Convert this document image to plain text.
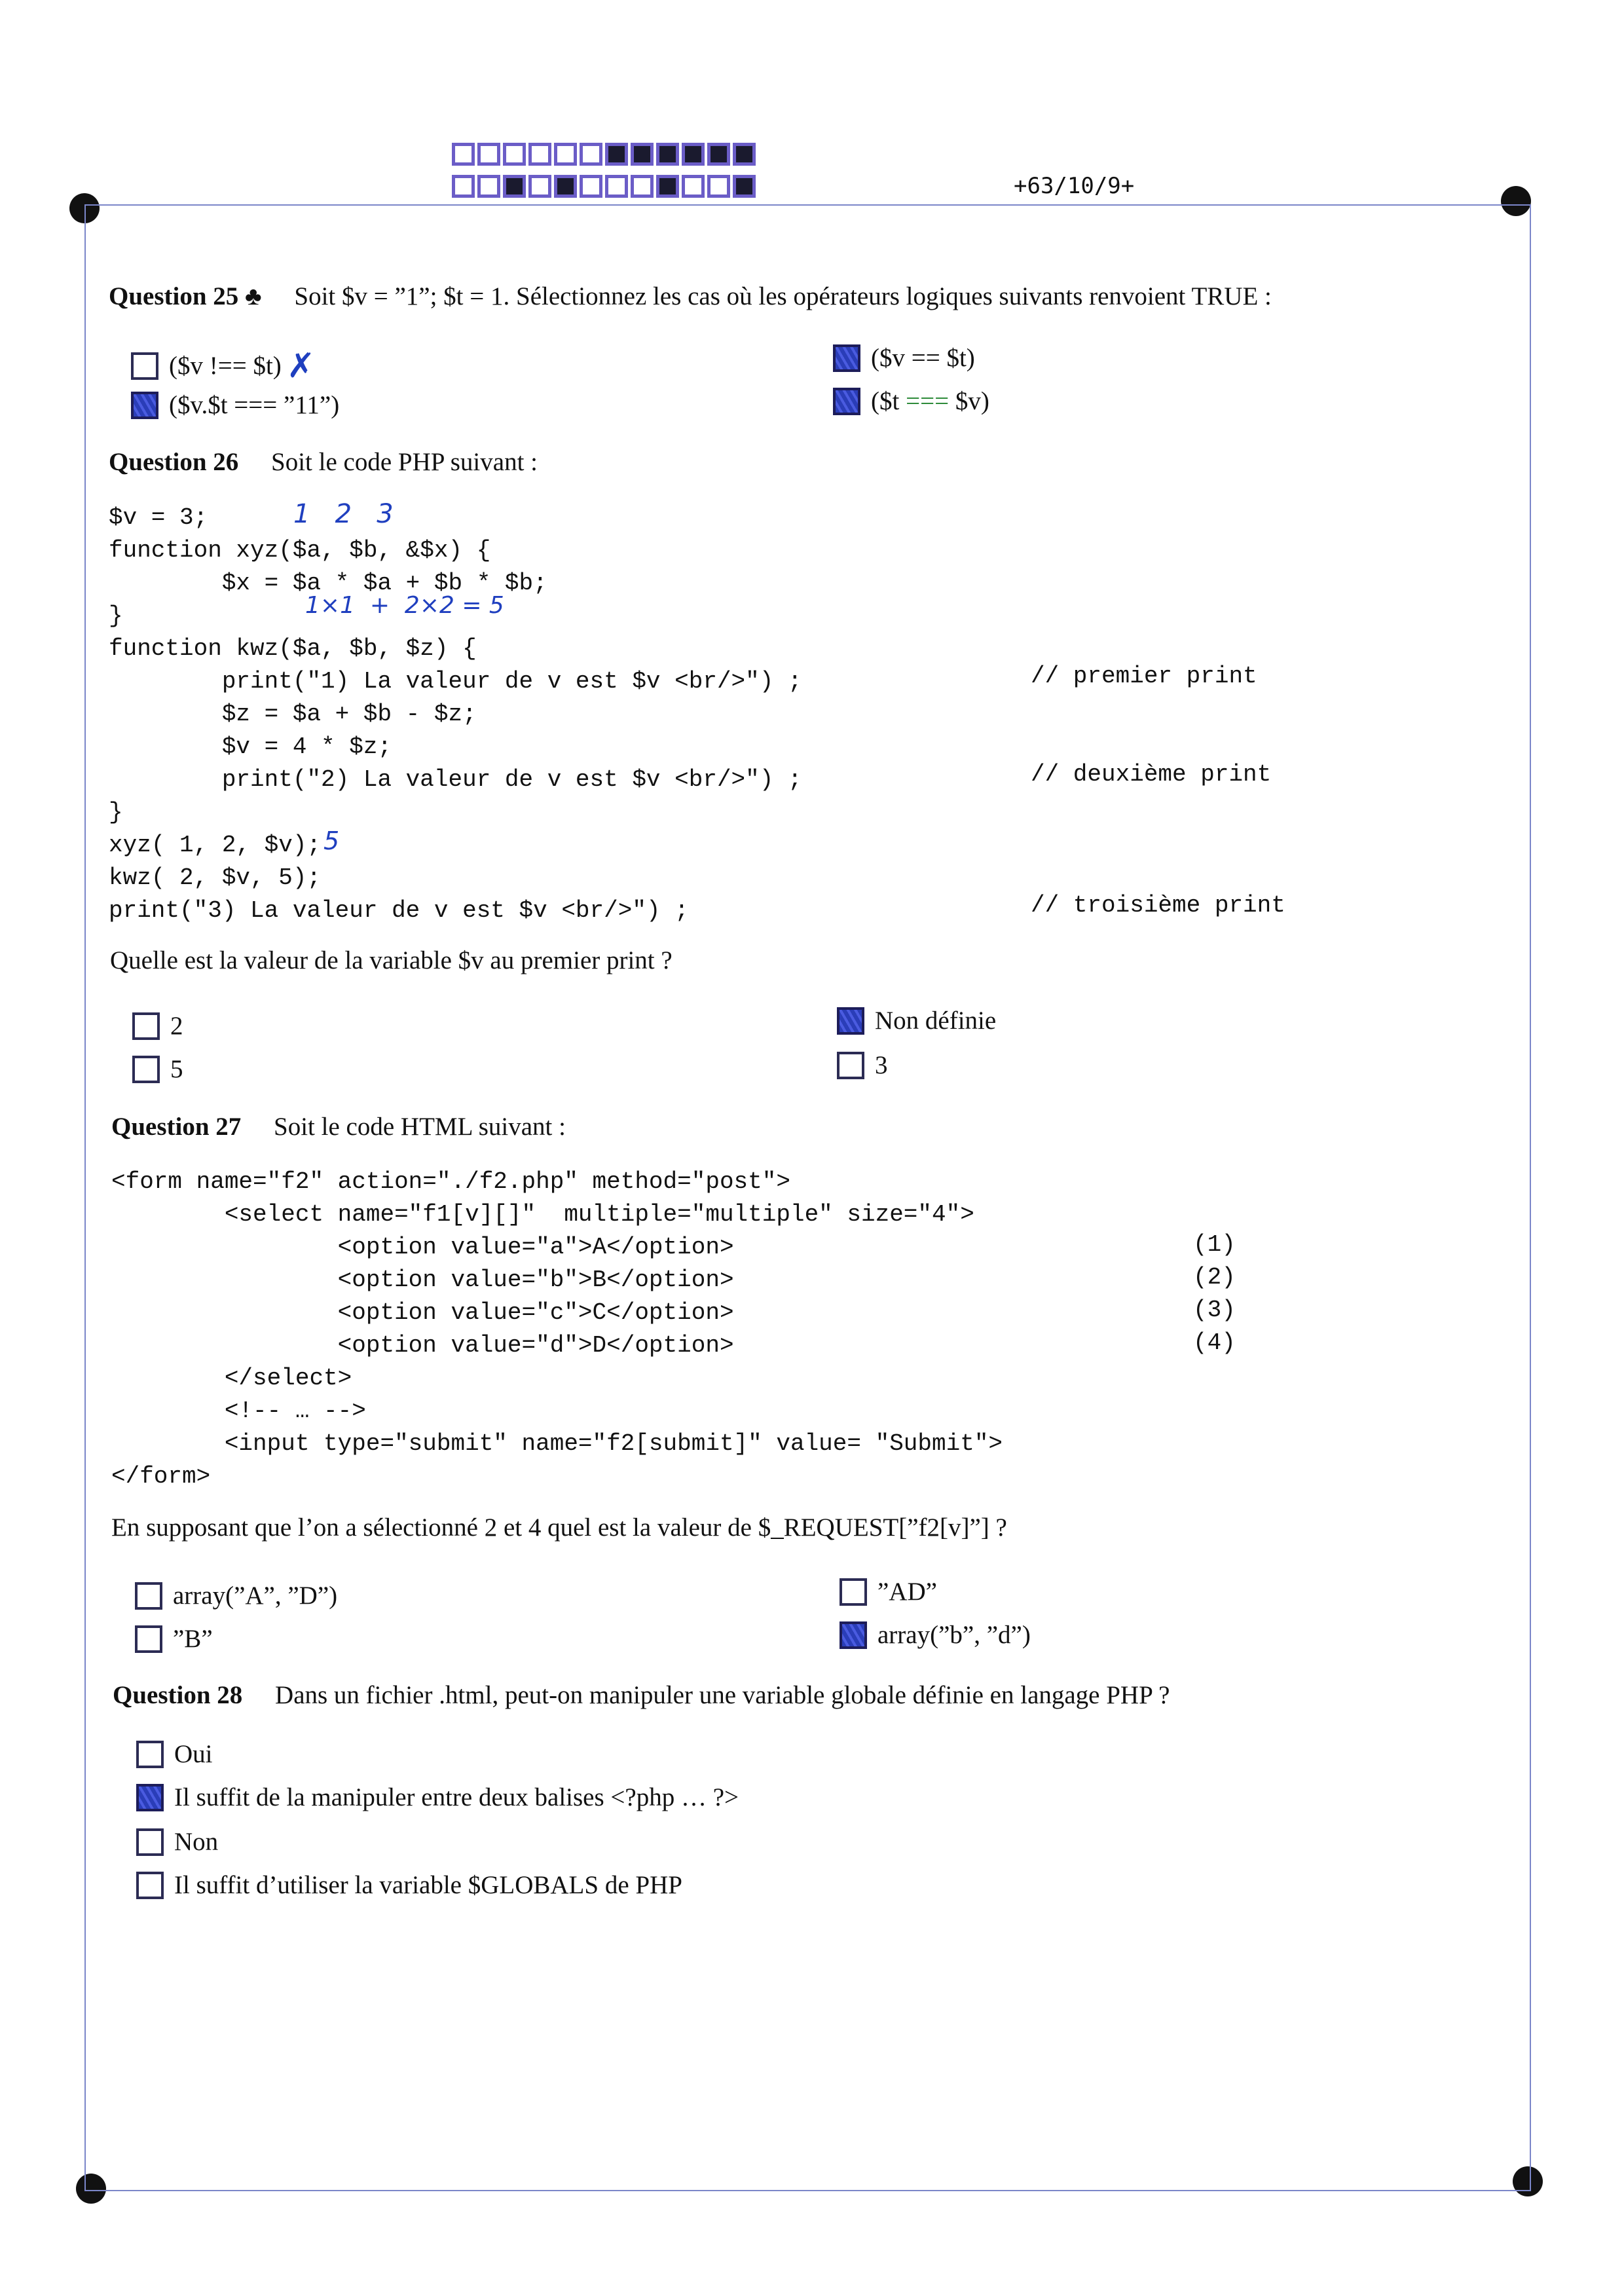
+63/10/9+
Question 25 ♣ Soit $v = ”1”; $t = 1. Sélectionnez les cas où les opérateurs logiques suivants renvoient TRUE :
($v !== $t) ✗
($v.$t === ”11”)
($v == $t)
($t === $v)
Question 26 Soit le code PHP suivant :
$v = 3;
function xyz($a, $b, &$x) {
$x = $a * $a + $b * $b;
}
function kwz($a, $b, $z) {
print("1) La valeur de v est $v <br/>") ;
$z = $a + $b - $z;
$v = 4 * $z;
print("2) La valeur de v est $v <br/>") ;
}
xyz( 1, 2, $v);
kwz( 2, $v, 5);
print("3) La valeur de v est $v <br/>") ;
// premier print
// deuxième print
// troisième print
1   2   3
1×1  +  2×2 = 5
5
Quelle est la valeur de la variable $v au premier print ?
2
5
Non définie
3
Question 27 Soit le code HTML suivant :
<form name="f2" action="./f2.php" method="post">
<select name="f1[v][]"  multiple="multiple" size="4">
<option value="a">A</option>
<option value="b">B</option>
<option value="c">C</option>
<option value="d">D</option>
</select>
<!-- … -->
<input type="submit" name="f2[submit]" value= "Submit">
</form>
(1)
(2)
(3)
(4)
En supposant que l’on a sélectionné 2 et 4 quel est la valeur de $_REQUEST[”f2[v]”] ?
array(”A”, ”D”)
”B”
”AD”
array(”b”, ”d”)
Question 28 Dans un fichier .html, peut-on manipuler une variable globale définie en langage PHP ?
Oui
Il suffit de la manipuler entre deux balises <?php … ?>
Non
Il suffit d’utiliser la variable $GLOBALS de PHP
